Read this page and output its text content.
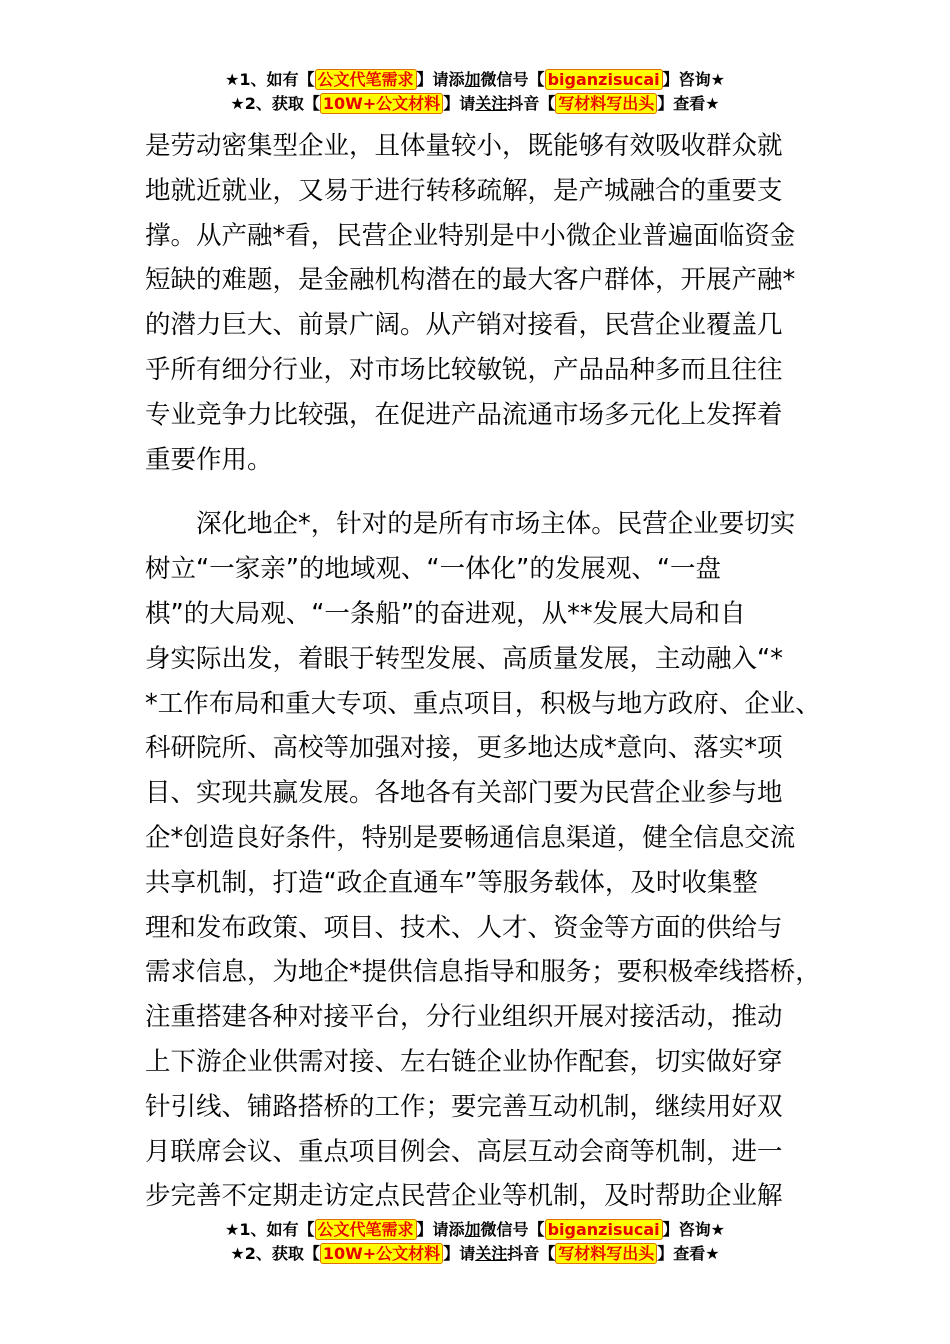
★1、如有【 公文代笔需求 】请添加微信号【 biganzisucai 】咨询★
★2、获取【 10W+公文材料 】请关注抖音【 写材料写出头 】查看★

是劳动密集型企业，且体量较小，既能够有效吸收群众就
地就近就业，又易于进行转移疏解，是产城融合的重要支
撑。从产融*看，民营企业特别是中小微企业普遍面临资金
短缺的难题，是金融机构潜在的最大客户群体，开展产融*
的潜力巨大、前景广阔。从产销对接看，民营企业覆盖几
乎所有细分行业，对市场比较敏锐，产品品种多而且往往
专业竞争力比较强，在促进产品流通市场多元化上发挥着
重要作用。

　　深化地企*，针对的是所有市场主体。民营企业要切实
树立“一家亲”的地域观、“一体化”的发展观、“一盘
棋”的大局观、“一条船”的奋进观，从**发展大局和自
身实际出发，着眼于转型发展、高质量发展，主动融入“*
*工作布局和重大专项、重点项目，积极与地方政府、企业、
科研院所、高校等加强对接，更多地达成*意向、落实*项
目、实现共赢发展。各地各有关部门要为民营企业参与地
企*创造良好条件，特别是要畅通信息渠道，健全信息交流
共享机制，打造“政企直通车”等服务载体，及时收集整
理和发布政策、项目、技术、人才、资金等方面的供给与
需求信息，为地企*提供信息指导和服务；要积极牵线搭桥，
注重搭建各种对接平台，分行业组织开展对接活动，推动
上下游企业供需对接、左右链企业协作配套，切实做好穿
针引线、铺路搭桥的工作；要完善互动机制，继续用好双
月联席会议、重点项目例会、高层互动会商等机制，进一
步完善不定期走访定点民营企业等机制，及时帮助企业解

★1、如有【 公文代笔需求 】请添加微信号【 biganzisucai 】咨询★
★2、获取【 10W+公文材料 】请关注抖音【 写材料写出头 】查看★
